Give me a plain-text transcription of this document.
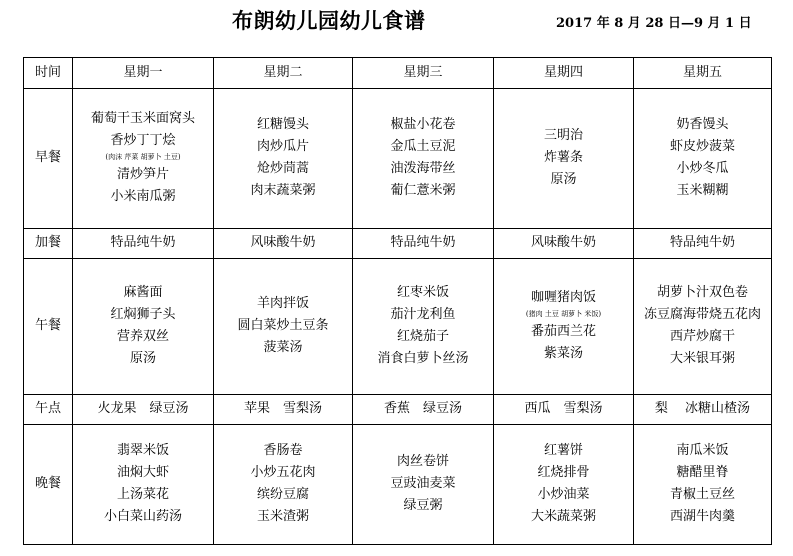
布朗幼儿园幼儿食谱	2017 年 8 月 28 日—9 月 1 日
时间	星期一	星期二	星期三	星期四	星期五
早餐	葡萄干玉米面窝头
香炒丁丁烩
(肉沫 芹菜 胡萝卜 土豆)
清炒笋片
小米南瓜粥	红糖馒头
肉炒瓜片
炝炒茼蒿
肉末蔬菜粥	椒盐小花卷
金瓜土豆泥
油泼海带丝
葡仁薏米粥	三明治
炸薯条
原汤	奶香馒头
虾皮炒菠菜
小炒冬瓜
玉米糊糊

加餐	特品纯牛奶	风味酸牛奶	特品纯牛奶	风味酸牛奶	特品纯牛奶

午餐	麻酱面
红焖狮子头
营养双丝
原汤	羊肉拌饭
圆白菜炒土豆条
菠菜汤	红枣米饭
茄汁龙利鱼
红烧茄子
消食白萝卜丝汤	咖喱猪肉饭
(猪肉 土豆 胡萝卜 米饭)
番茄西兰花
紫菜汤	胡萝卜汁双色卷
冻豆腐海带烧五花肉
西芹炒腐干
大米银耳粥

午点	火龙果　绿豆汤	苹果　雪梨汤	香蕉　绿豆汤	西瓜　雪梨汤	梨　 冰糖山楂汤

晚餐	翡翠米饭
油焖大虾
上汤菜花
小白菜山药汤	香肠卷
小炒五花肉
缤纷豆腐
玉米渣粥	肉丝卷饼
豆豉油麦菜
绿豆粥	红薯饼
红烧排骨
小炒油菜
大米蔬菜粥	南瓜米饭
糖醋里脊
青椒土豆丝
西湖牛肉羹
